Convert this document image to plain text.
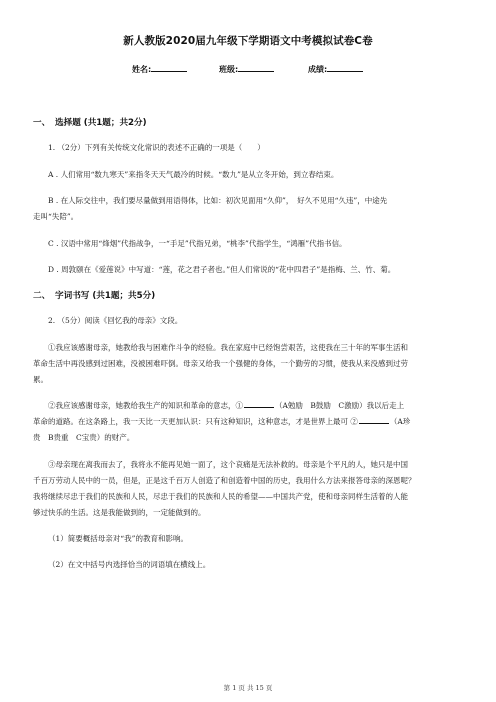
新人教版2020届九年级下学期语文中考模拟试卷C卷
姓名:	班级:	成绩:
一、 选择题 (共1题；共2分)
1. （2分）下列有关传统文化常识的表述不正确的一项是（　　）
A . 人们常用“数九寒天”来指冬天天气最冷的时候。“数九”是从立冬开始，到立春结束。
B . 在人际交往中，我们要尽量做到用语得体，比如：初次见面用“久仰”，　好久不见用“久违”，中途先
走叫“失陪”。
C . 汉语中常用“烽烟”代指战争，一“手足”代指兄弟，“桃李”代指学生，“鸿雁”代指书信。
D . 周敦颐在《爱莲说》中写道：“莲，花之君子者也。”但人们常说的“花中四君子”是指梅、兰、竹、菊。
二、 字词书写 (共1题；共5分)
2. （5分）阅读《回忆我的母亲》文段。
①我应该感谢母亲，她教给我与困难作斗争的经验。我在家庭中已经饱尝艰苦，这使我在三十年的军事生活和
革命生活中再没感到过困难，没被困难吓倒。母亲又给我一个强健的身体，一个勤劳的习惯，使我从来没感到过劳
累。
②我应该感谢母亲，她教给我生产的知识和革命的意志，①	（A勉励　B鼓励　C激励）我以后走上
革命的道路。在这条路上，我一天比一天更加认识：只有这种知识，这种意志，才是世界上最可 ②	（A珍
贵　B贵重　C宝贵）的财产。
③母亲现在离我而去了，我将永不能再见她一面了，这个哀痛是无法补救的。母亲是个平凡的人，她只是中国
千百万劳动人民中的一员，但是，正是这千百万人创造了和创造着中国的历史，我用什么方法来报答母亲的深恩呢？
我将继续尽忠于我们的民族和人民，尽忠于我们的民族和人民的希望——中国共产党，使和母亲同样生活着的人能
够过快乐的生活。这是我能做到的，一定能做到的。
（1）简要概括母亲对“我”的教育和影响。
（2）在文中括号内选择恰当的词语填在横线上。
第 1 页 共 15 页
